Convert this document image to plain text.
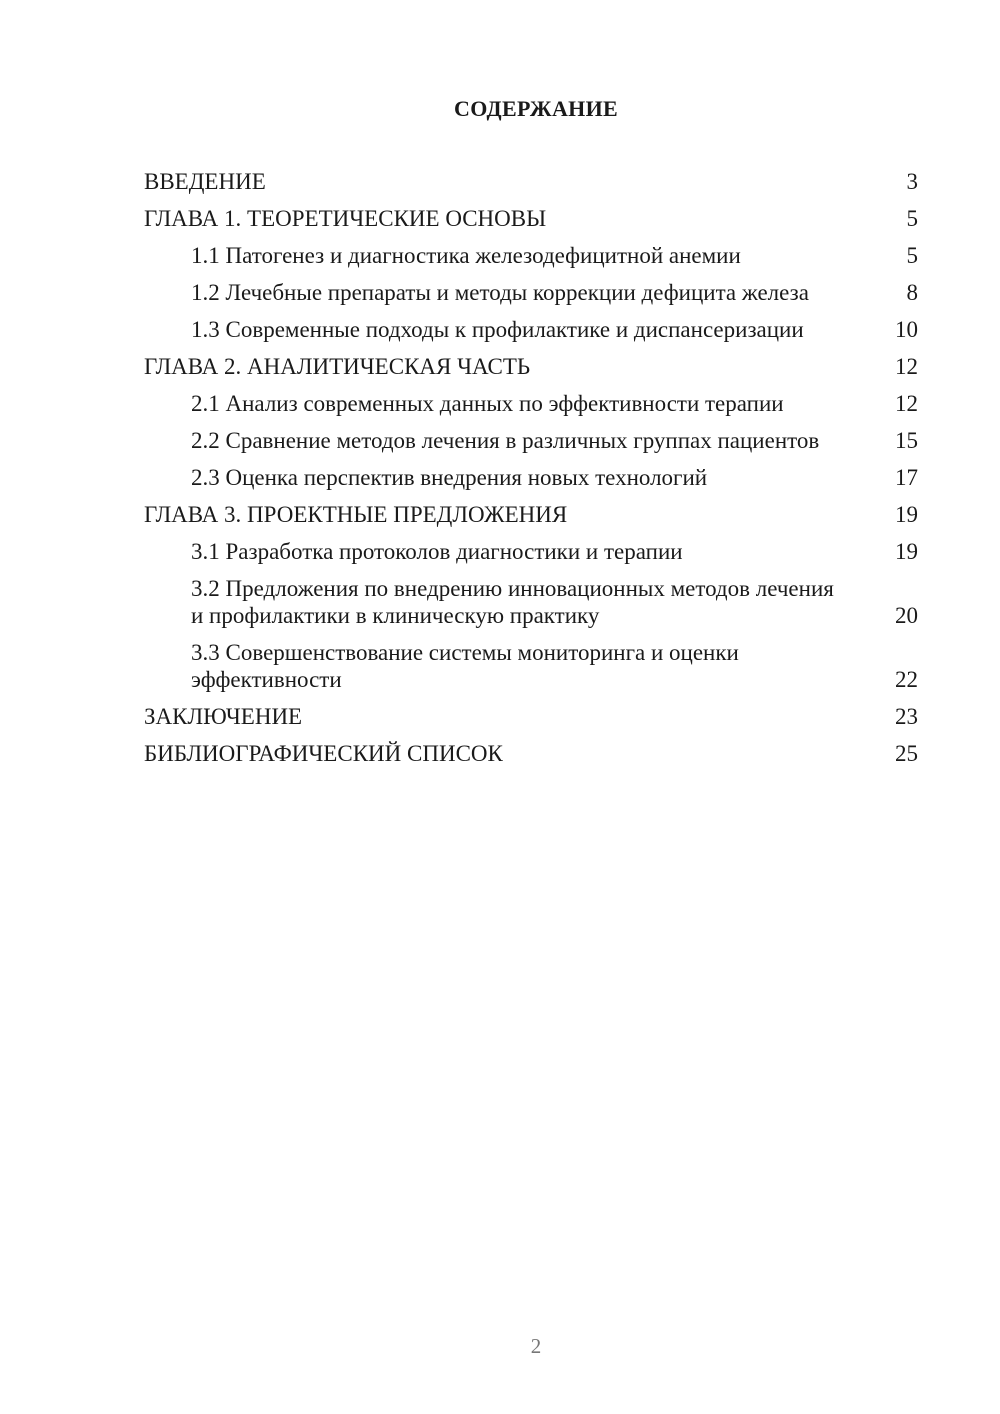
СОДЕРЖАНИЕ
ВВЕДЕНИЕ	3
ГЛАВА 1. ТЕОРЕТИЧЕСКИЕ ОСНОВЫ	5
1.1 Патогенез и диагностика железодефицитной анемии	5
1.2 Лечебные препараты и методы коррекции дефицита железа	8
1.3 Современные подходы к профилактике и диспансеризации	10
ГЛАВА 2. АНАЛИТИЧЕСКАЯ ЧАСТЬ	12
2.1 Анализ современных данных по эффективности терапии	12
2.2 Сравнение методов лечения в различных группах пациентов	15
2.3 Оценка перспектив внедрения новых технологий	17
ГЛАВА 3. ПРОЕКТНЫЕ ПРЕДЛОЖЕНИЯ	19
3.1 Разработка протоколов диагностики и терапии	19
3.2 Предложения по внедрению инновационных методов лечения и профилактики в клиническую практику	20
3.3 Совершенствование системы мониторинга и оценки эффективности	22
ЗАКЛЮЧЕНИЕ	23
БИБЛИОГРАФИЧЕСКИЙ СПИСОК	25
2
